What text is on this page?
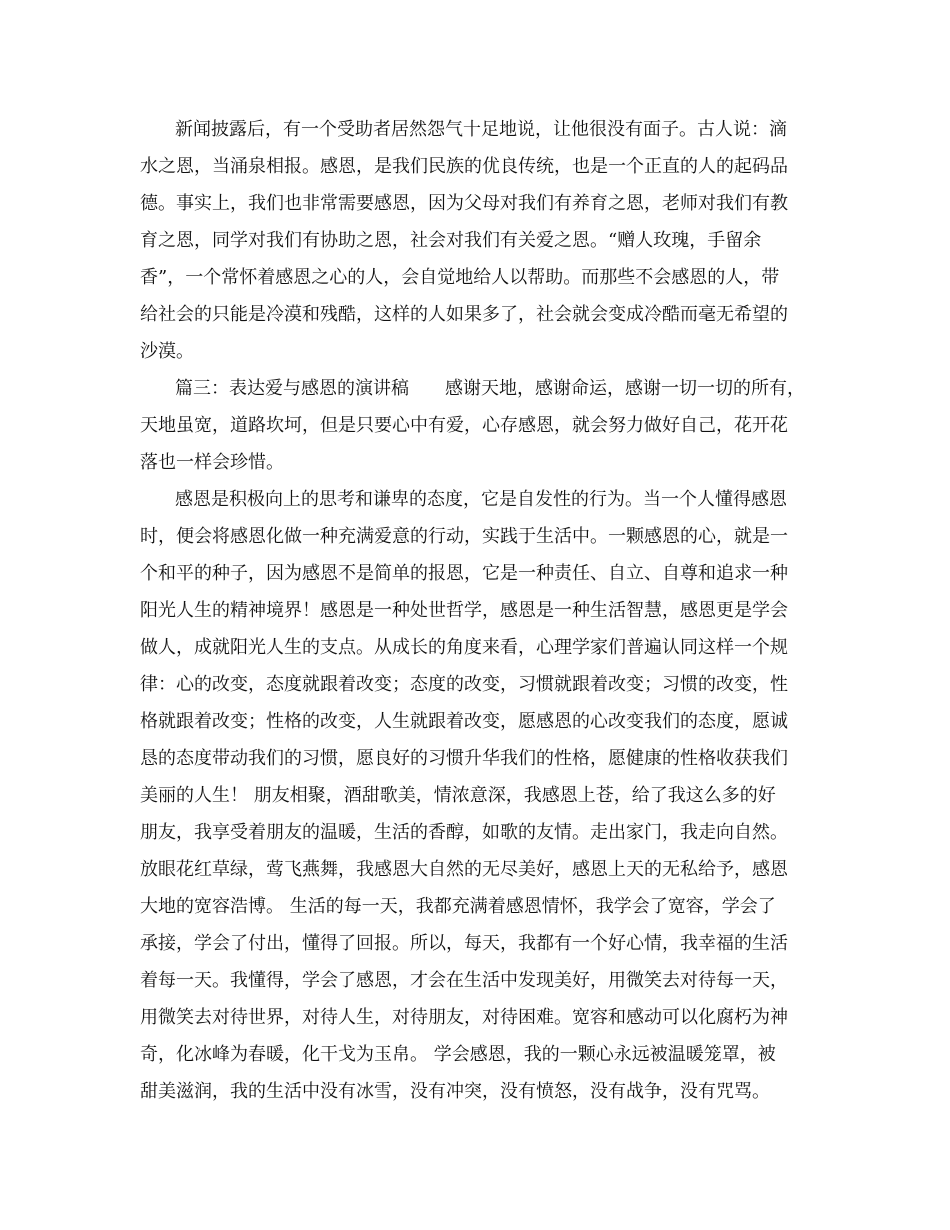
新闻披露后，有一个受助者居然怨气十足地说，让他很没有面子。古人说：滴
水之恩，当涌泉相报。感恩，是我们民族的优良传统，也是一个正直的人的起码品
德。事实上，我们也非常需要感恩，因为父母对我们有养育之恩，老师对我们有教
育之恩，同学对我们有协助之恩，社会对我们有关爱之恩。“赠人玫瑰，手留余
香”，一个常怀着感恩之心的人，会自觉地给人以帮助。而那些不会感恩的人，带
给社会的只能是冷漠和残酷，这样的人如果多了，社会就会变成冷酷而毫无希望的
沙漠。
篇三：表达爱与感恩的演讲稿　　感谢天地，感谢命运，感谢一切一切的所有，
天地虽宽，道路坎坷，但是只要心中有爱，心存感恩，就会努力做好自己，花开花
落也一样会珍惜。
感恩是积极向上的思考和谦卑的态度，它是自发性的行为。当一个人懂得感恩
时，便会将感恩化做一种充满爱意的行动，实践于生活中。一颗感恩的心，就是一
个和平的种子，因为感恩不是简单的报恩，它是一种责任、自立、自尊和追求一种
阳光人生的精神境界！感恩是一种处世哲学，感恩是一种生活智慧，感恩更是学会
做人，成就阳光人生的支点。从成长的角度来看，心理学家们普遍认同这样一个规
律：心的改变，态度就跟着改变；态度的改变，习惯就跟着改变；习惯的改变，性
格就跟着改变；性格的改变，人生就跟着改变，愿感恩的心改变我们的态度，愿诚
恳的态度带动我们的习惯，愿良好的习惯升华我们的性格，愿健康的性格收获我们
美丽的人生！ 朋友相聚，酒甜歌美，情浓意深，我感恩上苍，给了我这么多的好
朋友，我享受着朋友的温暖，生活的香醇，如歌的友情。走出家门，我走向自然。
放眼花红草绿，莺飞燕舞，我感恩大自然的无尽美好，感恩上天的无私给予，感恩
大地的宽容浩博。 生活的每一天，我都充满着感恩情怀，我学会了宽容，学会了
承接，学会了付出，懂得了回报。所以，每天，我都有一个好心情，我幸福的生活
着每一天。我懂得，学会了感恩，才会在生活中发现美好，用微笑去对待每一天，
用微笑去对待世界，对待人生，对待朋友，对待困难。宽容和感动可以化腐朽为神
奇，化冰峰为春暖，化干戈为玉帛。 学会感恩，我的一颗心永远被温暖笼罩，被
甜美滋润，我的生活中没有冰雪，没有冲突，没有愤怒，没有战争，没有咒骂。
